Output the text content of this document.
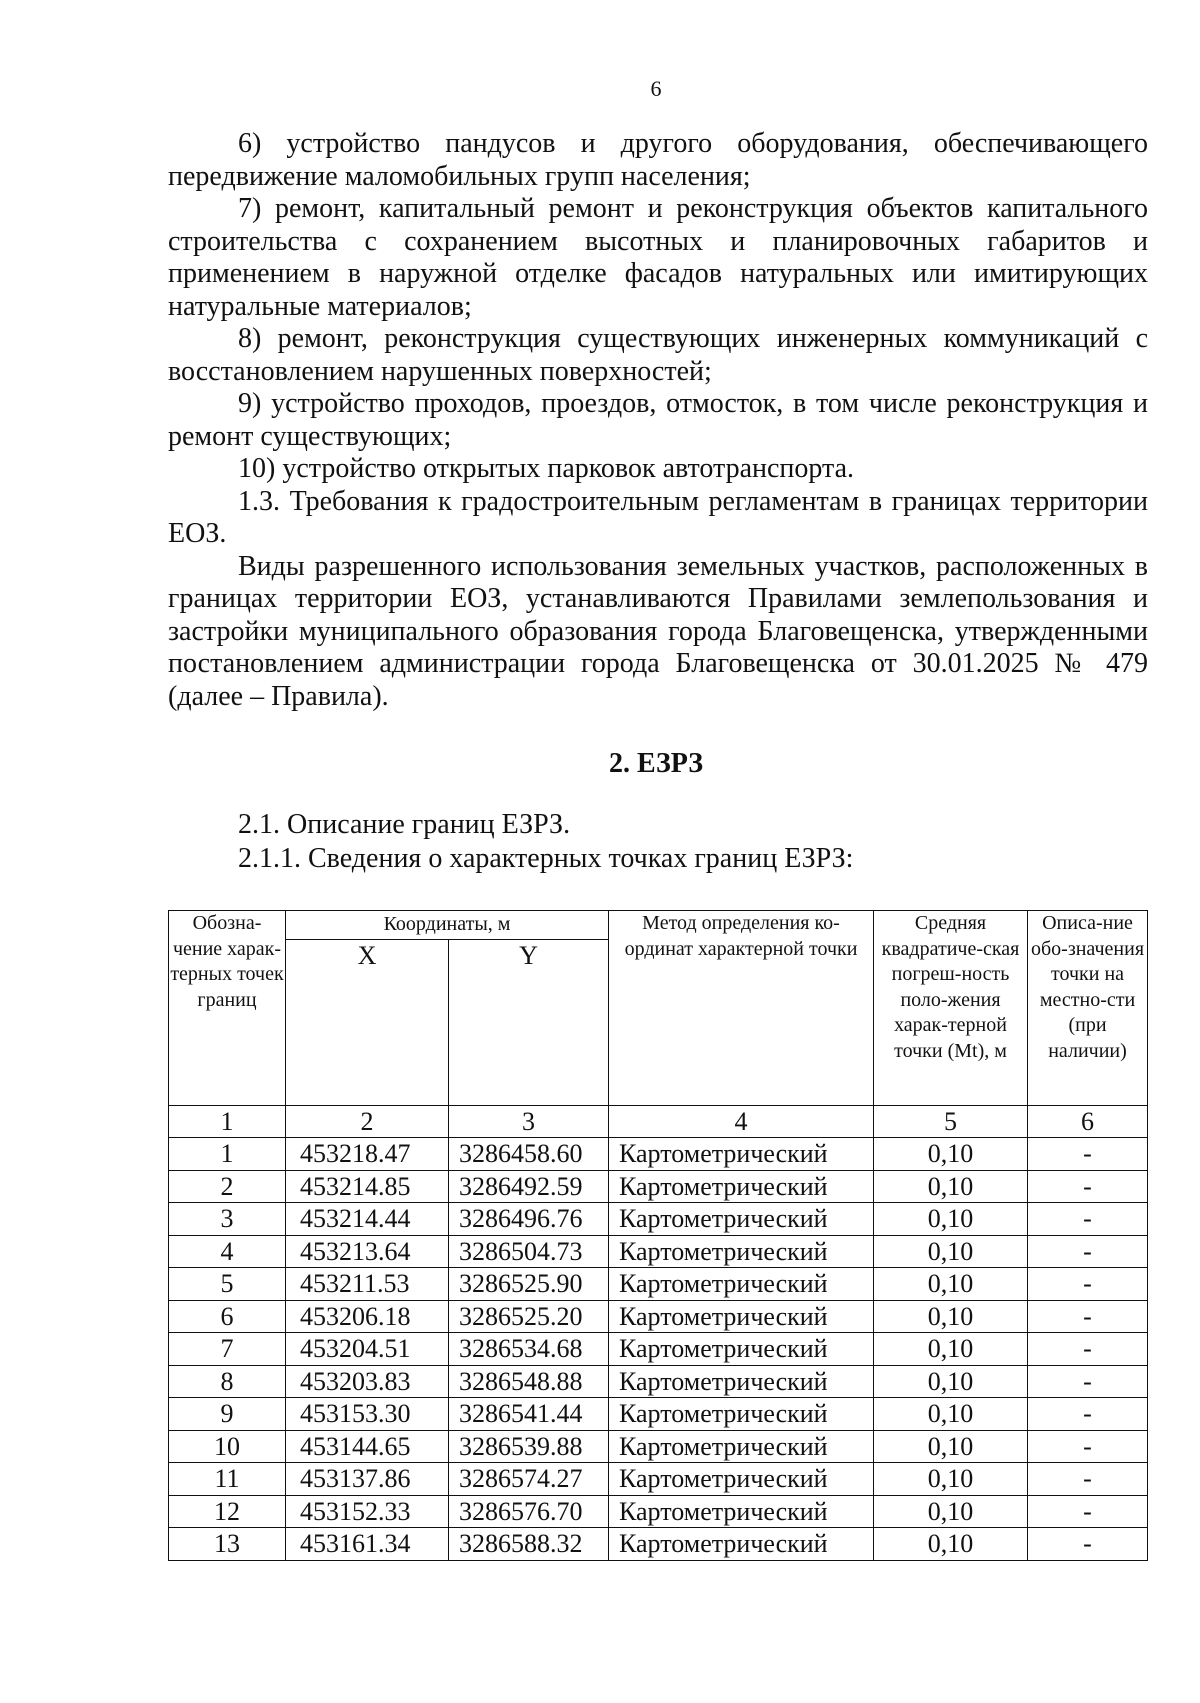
6

6) устройство пандусов и другого оборудования, обеспечивающего передвижение маломобильных групп населения;

7) ремонт, капитальный ремонт и реконструкция объектов капитального строительства с сохранением высотных и планировочных габаритов и применением в наружной отделке фасадов натуральных или имитирующих натуральные материалов;

8) ремонт, реконструкция существующих инженерных коммуникаций с восстановлением нарушенных поверхностей;

9) устройство проходов, проездов, отмосток, в том числе реконструкция и ремонт существующих;

10) устройство открытых парковок автотранспорта.

1.3. Требования к градостроительным регламентам в границах территории ЕОЗ.

Виды разрешенного использования земельных участков, расположенных в границах территории ЕОЗ, устанавливаются Правилами землепользования и застройки муниципального образования города Благовещенска, утвержденными постановлением администрации города Благовещенска от 30.01.2025 № 479 (далее – Правила).

2. ЕЗРЗ

2.1. Описание границ ЕЗРЗ.

2.1.1. Сведения о характерных точках границ ЕЗРЗ:

Обозна-чение харак-терных точек границ	Координаты, м		Метод определения ко-ординат характерной точки	Средняя квадратиче-ская погреш-ность поло-жения харак-терной точки (Mt), м	Описа-ние обо-значения точки на местно-сти (при наличии)
	X	Y			
1	2	3	4	5	6
1	453218.47	3286458.60	Картометрический	0,10	-
2	453214.85	3286492.59	Картометрический	0,10	-
3	453214.44	3286496.76	Картометрический	0,10	-
4	453213.64	3286504.73	Картометрический	0,10	-
5	453211.53	3286525.90	Картометрический	0,10	-
6	453206.18	3286525.20	Картометрический	0,10	-
7	453204.51	3286534.68	Картометрический	0,10	-
8	453203.83	3286548.88	Картометрический	0,10	-
9	453153.30	3286541.44	Картометрический	0,10	-
10	453144.65	3286539.88	Картометрический	0,10	-
11	453137.86	3286574.27	Картометрический	0,10	-
12	453152.33	3286576.70	Картометрический	0,10	-
13	453161.34	3286588.32	Картометрический	0,10	-
